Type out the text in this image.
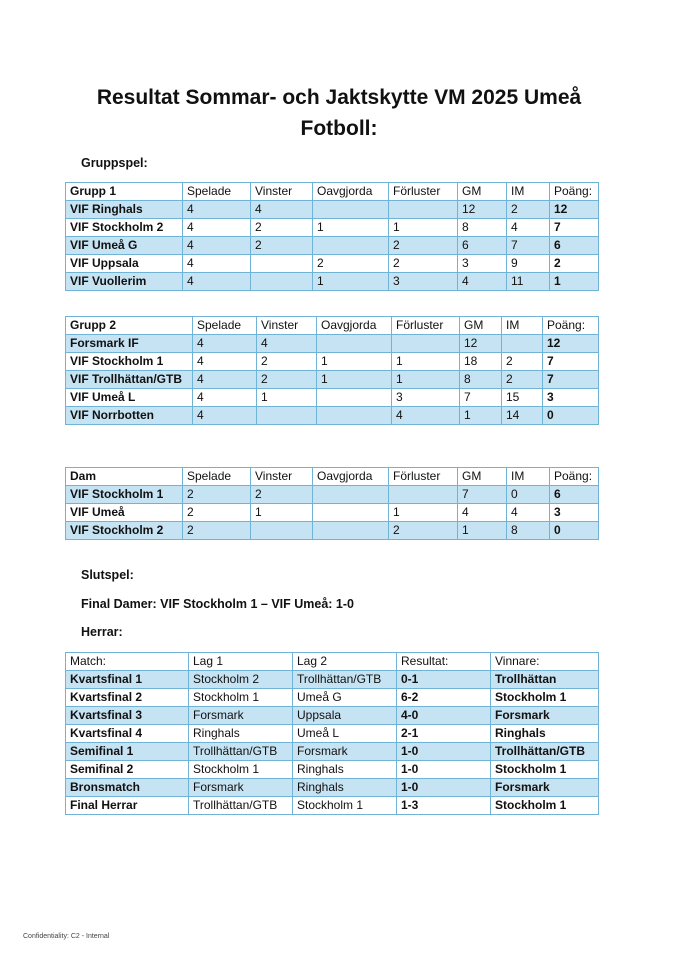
Resultat Sommar- och Jaktskytte VM 2025 Umeå
Fotboll:
Gruppspel:
Grupp 1	Spelade	Vinster	Oavgjorda	Förluster	GM	IM	Poäng:
VIF Ringhals	4	4			12	2	12
VIF Stockholm 2	4	2	1	1	8	4	7
VIF Umeå G	4	2		2	6	7	6
VIF Uppsala	4		2	2	3	9	2
VIF Vuollerim	4		1	3	4	11	1
Grupp 2	Spelade	Vinster	Oavgjorda	Förluster	GM	IM	Poäng:
Forsmark IF	4	4			12		12
VIF Stockholm 1	4	2	1	1	18	2	7
VIF Trollhättan/GTB	4	2	1	1	8	2	7
VIF Umeå L	4	1		3	7	15	3
VIF Norrbotten	4			4	1	14	0
Dam	Spelade	Vinster	Oavgjorda	Förluster	GM	IM	Poäng:
VIF Stockholm 1	2	2			7	0	6
VIF Umeå	2	1		1	4	4	3
VIF Stockholm 2	2			2	1	8	0
Slutspel:
Final Damer: VIF Stockholm 1 – VIF Umeå: 1-0
Herrar:
Match:	Lag 1	Lag 2	Resultat:	Vinnare:
Kvartsfinal 1	Stockholm 2	Trollhättan/GTB	0-1	Trollhättan
Kvartsfinal 2	Stockholm 1	Umeå G	6-2	Stockholm 1
Kvartsfinal 3	Forsmark	Uppsala	4-0	Forsmark
Kvartsfinal 4	Ringhals	Umeå L	2-1	Ringhals
Semifinal 1	Trollhättan/GTB	Forsmark	1-0	Trollhättan/GTB
Semifinal 2	Stockholm 1	Ringhals	1-0	Stockholm 1
Bronsmatch	Forsmark	Ringhals	1-0	Forsmark
Final Herrar	Trollhättan/GTB	Stockholm 1	1-3	Stockholm 1
Confidentiality: C2 - Internal
